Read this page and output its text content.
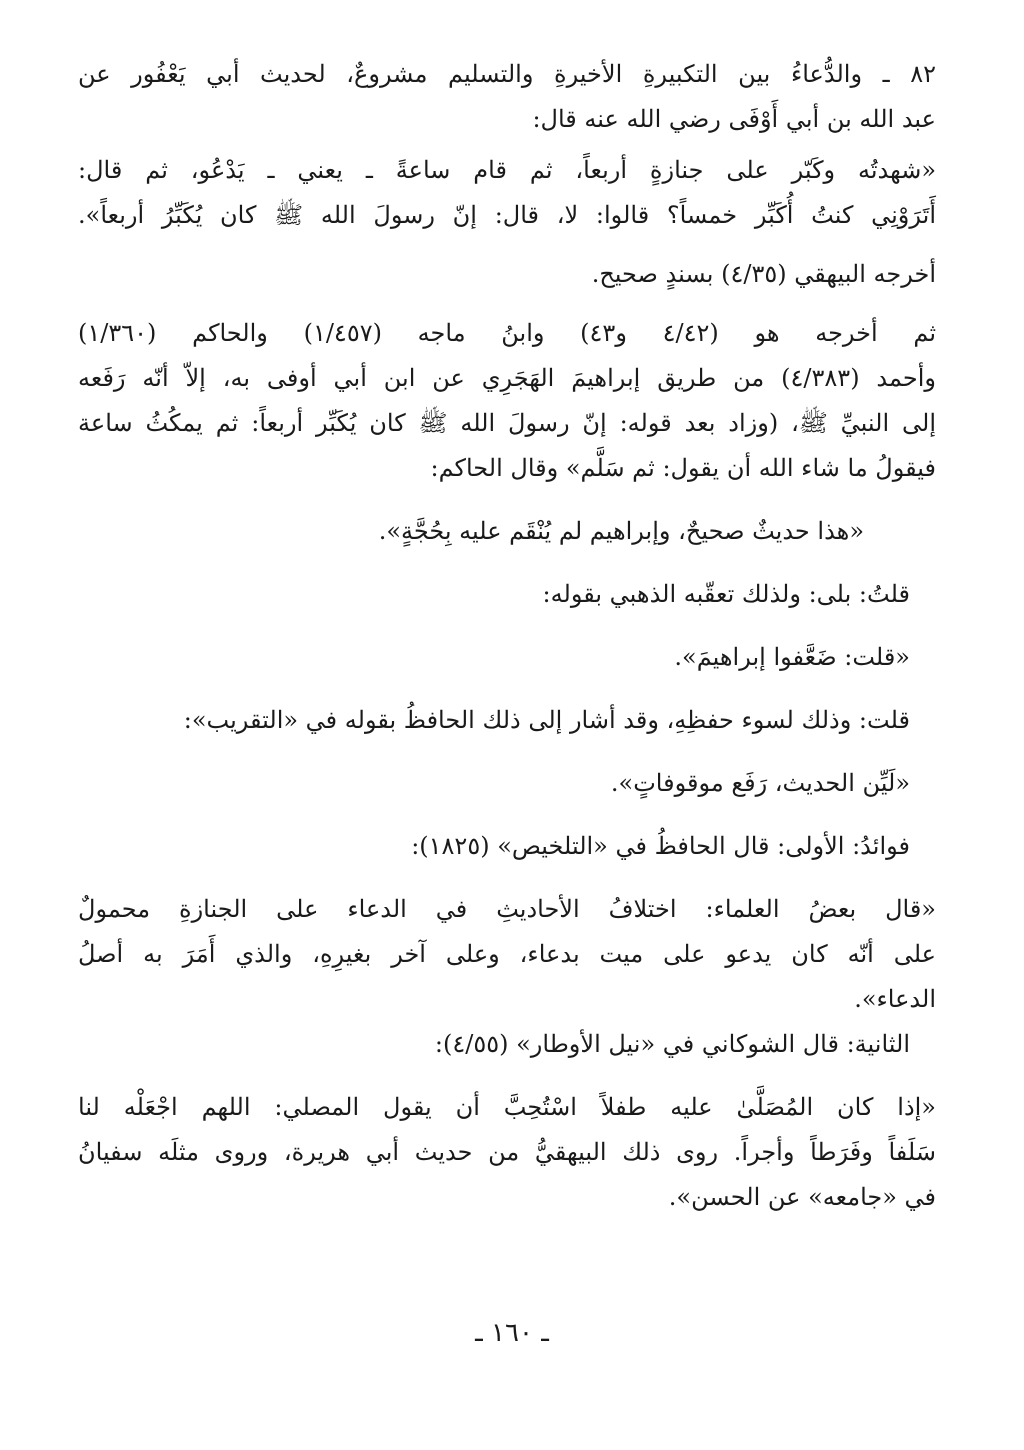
٨٢ ـ والدُّعاءُ بين التكبيرةِ الأخيرةِ والتسليم مشروعٌ، لحديث أبي يَعْفُور عن
عبد الله بن أبي أَوْفَى رضي الله عنه قال:
«شهدتُه وكَبّر على جنازةٍ أربعاً، ثم قام ساعةً ـ يعني ـ يَدْعُو، ثم قال:
أَتَرَوْنِي كنتُ أُكَبِّر خمساً؟ قالوا: لا، قال: إنّ رسولَ الله ﷺ كان يُكَبِّرُ أربعاً».
أخرجه البيهقي (٤/٣٥) بسندٍ صحيح.
ثم أخرجه هو (٤/٤٢ و٤٣) وابنُ ماجه (١/٤٥٧) والحاكم (١/٣٦٠)
وأحمد (٤/٣٨٣) من طريق إبراهيمَ الهَجَرِي عن ابن أبي أوفى به، إلاّ أنّه رَفَعه
إلى النبيِّ ﷺ، (وزاد بعد قوله: إنّ رسولَ الله ﷺ كان يُكَبِّر أربعاً: ثم يمكُثُ ساعة
فيقولُ ما شاء الله أن يقول: ثم سَلَّم» وقال الحاكم:
«هذا حديثٌ صحيحٌ، وإبراهيم لم يُنْقَم عليه بِحُجَّةٍ».
قلتُ: بلى: ولذلك تعقّبه الذهبي بقوله:
«قلت: ضَعَّفوا إبراهيمَ».
قلت: وذلك لسوء حفظِهِ، وقد أشار إلى ذلك الحافظُ بقوله في «التقريب»:
«لَيِّن الحديث، رَفَع موقوفاتٍ».
فوائدُ: الأولى: قال الحافظُ في «التلخيص» (١٨٢٥):
«قال بعضُ العلماء: اختلافُ الأحاديثِ في الدعاء على الجنازةِ محمولٌ
على أنّه كان يدعو على ميت بدعاء، وعلى آخر بغيرِهِ، والذي أَمَرَ به أصلُ
الدعاء».
الثانية: قال الشوكاني في «نيل الأوطار» (٤/٥٥):
«إذا كان المُصَلَّىٰ عليه طفلاً اسْتُحِبَّ أن يقول المصلي: اللهم اجْعَلْه لنا
سَلَفاً وفَرَطاً وأجراً. روى ذلك البيهقيُّ من حديث أبي هريرة، وروى مثلَه سفيانُ
في «جامعه» عن الحسن».
ـ ١٦٠ ـ
